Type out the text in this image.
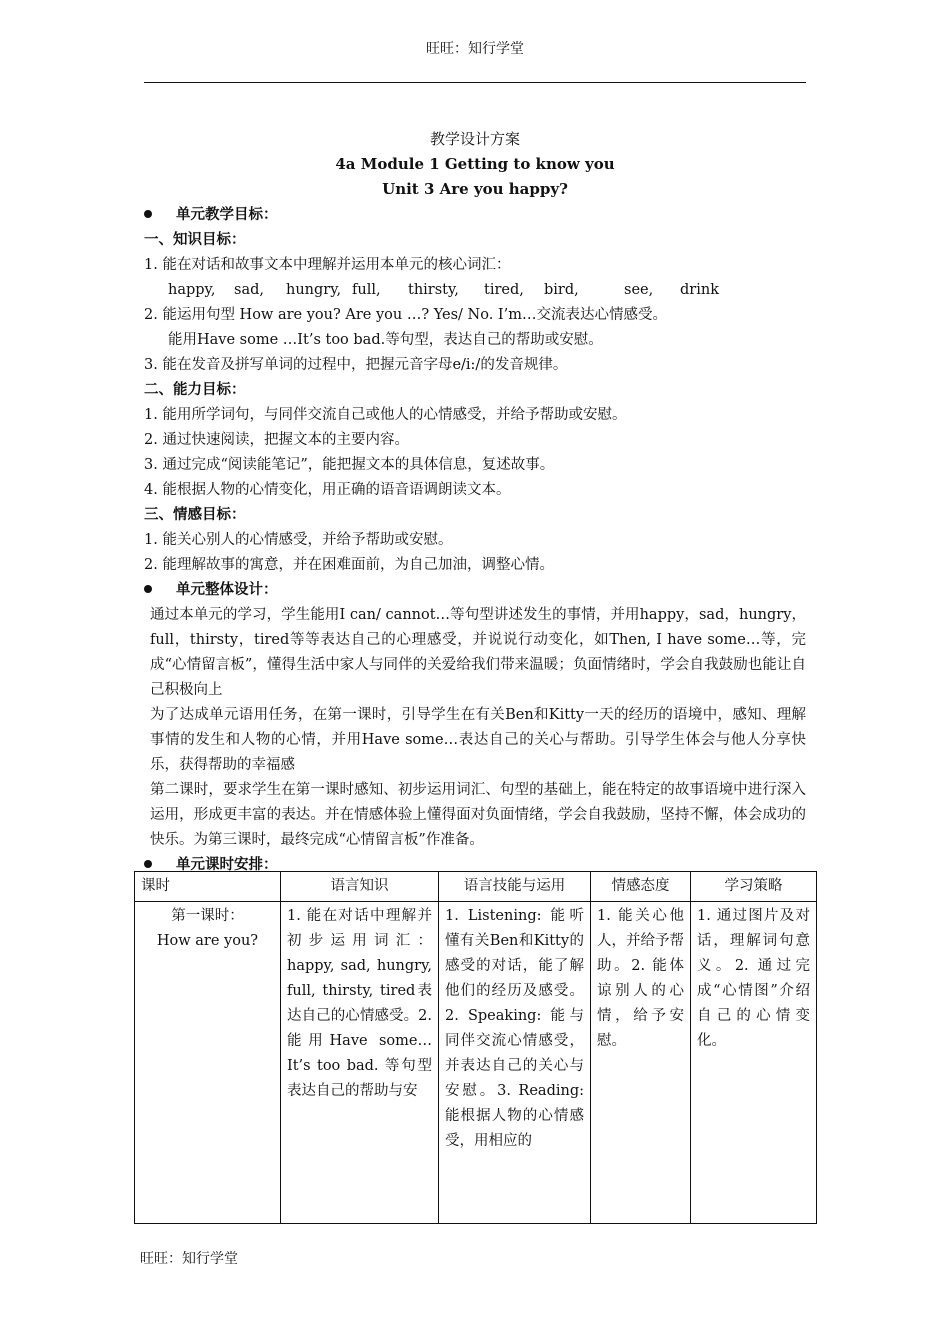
旺旺：知行学堂
教学设计方案
4a Module 1 Getting to know you
Unit 3 Are you happy?
单元教学目标：
一、知识目标：
1. 能在对话和故事文本中理解并运用本单元的核心词汇：
happy,	sad,	hungry, full,	thirsty,	tired,	bird,	see,	drink
2. 能运用句型 How are you? Are you …? Yes/ No. I’m…交流表达心情感受。
能用Have some …It’s too bad.等句型，表达自己的帮助或安慰。
3. 能在发音及拼写单词的过程中，把握元音字母e/i:/的发音规律。
二、能力目标：
1. 能用所学词句，与同伴交流自己或他人的心情感受，并给予帮助或安慰。
2. 通过快速阅读，把握文本的主要内容。
3. 通过完成“阅读能笔记”，能把握文本的具体信息，复述故事。
4. 能根据人物的心情变化，用正确的语音语调朗读文本。
三、情感目标：
1. 能关心别人的心情感受，并给予帮助或安慰。
2. 能理解故事的寓意，并在困难面前，为自己加油，调整心情。
单元整体设计：
通过本单元的学习，学生能用I can/ cannot…等句型讲述发生的事情，并用happy，sad，hungry，full，thirsty，tired等等表达自己的心理感受，并说说行动变化，如Then, I have some…等，完成“心情留言板”，懂得生活中家人与同伴的关爱给我们带来温暖；负面情绪时，学会自我鼓励也能让自己积极向上
为了达成单元语用任务，在第一课时，引导学生在有关Ben和Kitty一天的经历的语境中，感知、理解事情的发生和人物的心情，并用Have some…表达自己的关心与帮助。引导学生体会与他人分享快乐，获得帮助的幸福感
第二课时，要求学生在第一课时感知、初步运用词汇、句型的基础上，能在特定的故事语境中进行深入运用，形成更丰富的表达。并在情感体验上懂得面对负面情绪，学会自我鼓励，坚持不懈，体会成功的快乐。为第三课时，最终完成“心情留言板”作准备。
单元课时安排：
课时	语言知识	语言技能与运用	情感态度	学习策略

第一课时：
How are you?	1. 能在对话中理解并初步运用词汇：happy, sad, hungry, full, thirsty, tired表达自己的心情感受。2. 能用Have some…It’s too bad. 等句型表达自己的帮助与安	1. Listening: 能听懂有关Ben和Kitty的感受的对话，能了解他们的经历及感受。2. Speaking: 能与同伴交流心情感受，并表达自己的关心与安慰。3. Reading: 能根据人物的心情感受，用相应的	1. 能关心他人，并给予帮助。2. 能体谅别人的心情，给予安慰。	1. 通过图片及对话，理解词句意义。2. 通过完成“心情图”介绍自己的心情变化。
旺旺：知行学堂
